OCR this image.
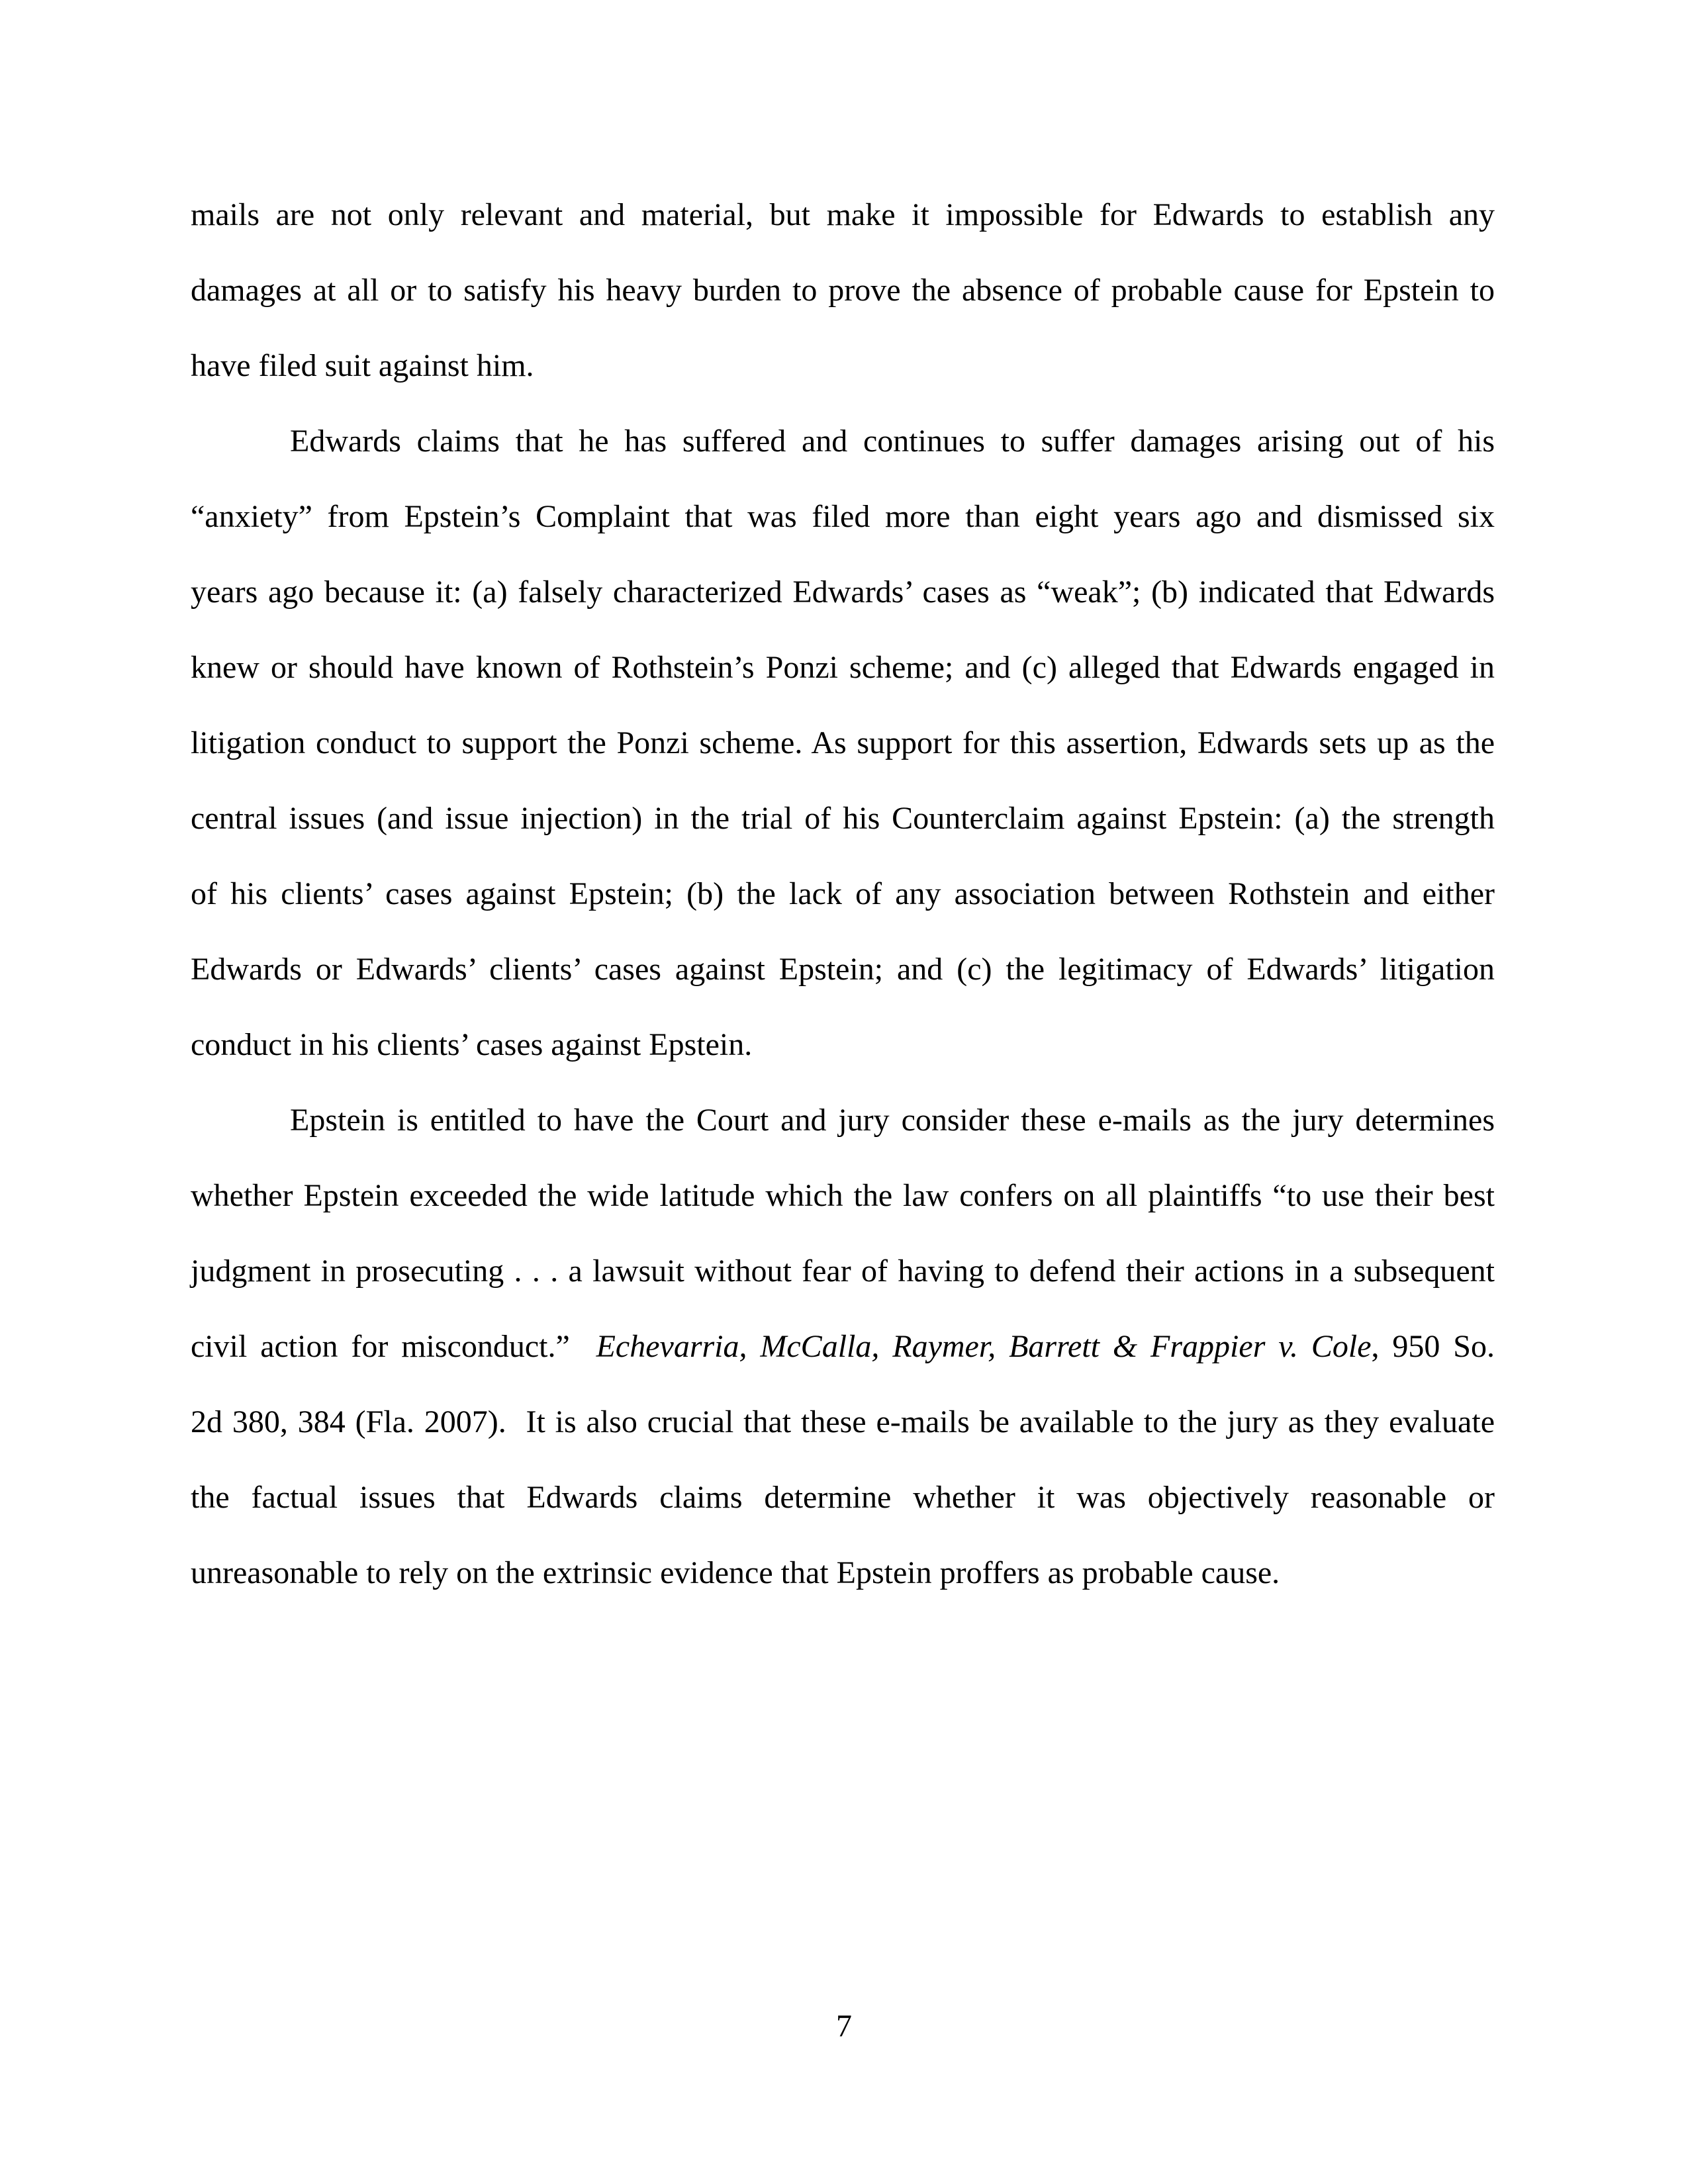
mails are not only relevant and material, but make it impossible for Edwards to establish any
damages at all or to satisfy his heavy burden to prove the absence of probable cause for Epstein to
have filed suit against him.
Edwards claims that he has suffered and continues to suffer damages arising out of his
“anxiety” from Epstein’s Complaint that was filed more than eight years ago and dismissed six
years ago because it: (a) falsely characterized Edwards’ cases as “weak”; (b) indicated that Edwards
knew or should have known of Rothstein’s Ponzi scheme; and (c) alleged that Edwards engaged in
litigation conduct to support the Ponzi scheme. As support for this assertion, Edwards sets up as the
central issues (and issue injection) in the trial of his Counterclaim against Epstein: (a) the strength
of his clients’ cases against Epstein; (b) the lack of any association between Rothstein and either
Edwards or Edwards’ clients’ cases against Epstein; and (c) the legitimacy of Edwards’ litigation
conduct in his clients’ cases against Epstein.
Epstein is entitled to have the Court and jury consider these e-mails as the jury determines
whether Epstein exceeded the wide latitude which the law confers on all plaintiffs “to use their best
judgment in prosecuting . . . a lawsuit without fear of having to defend their actions in a subsequent
civil action for misconduct.”  Echevarria, McCalla, Raymer, Barrett & Frappier v. Cole, 950 So.
2d 380, 384 (Fla. 2007).  It is also crucial that these e-mails be available to the jury as they evaluate
the factual issues that Edwards claims determine whether it was objectively reasonable or
unreasonable to rely on the extrinsic evidence that Epstein proffers as probable cause.
7
